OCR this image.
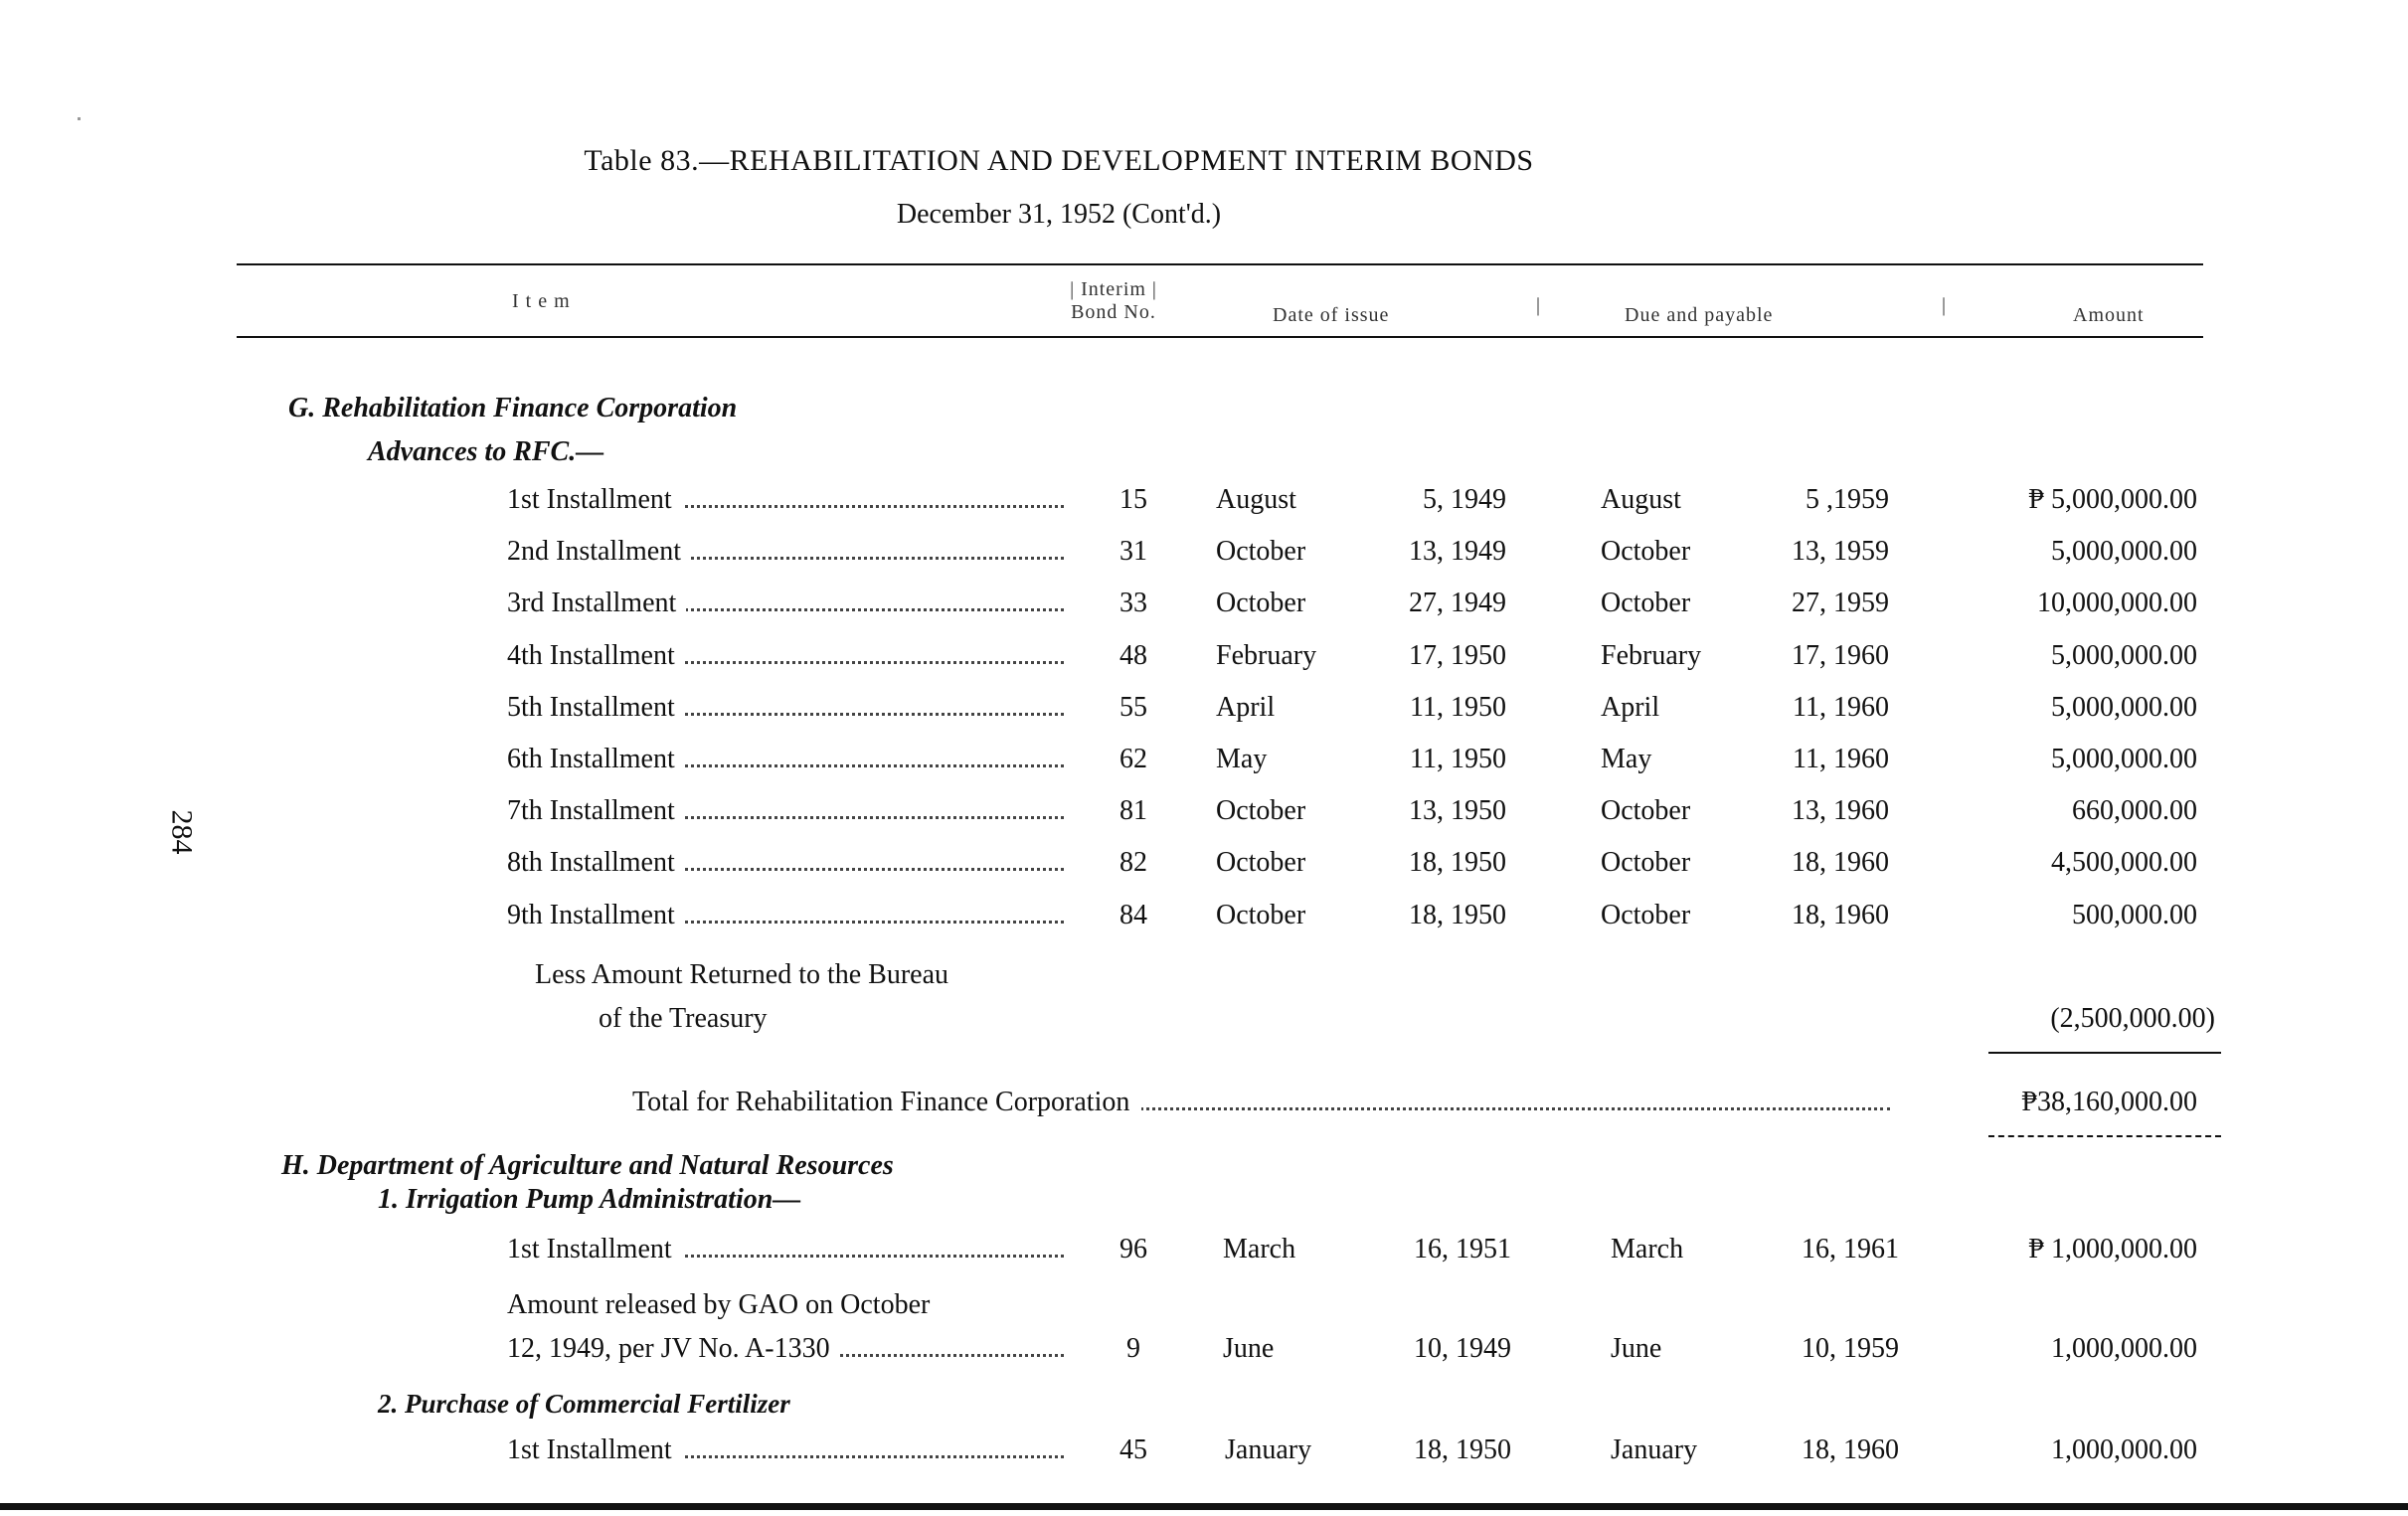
284
Table 83.—REHABILITATION AND DEVELOPMENT INTERIM BONDS
December 31, 1952 (Cont'd.)
I t e m
| Interim |
Bond No.	Date of issue	|	Due and payable	|	Amount
G. Rehabilitation Finance Corporation
Advances to RFC.—
1st Installment	15	August	5, 1949	August	5 ,1959	₱ 5,000,000.00
2nd Installment	31	October	13, 1949	October	13, 1959	5,000,000.00
3rd Installment	33	October	27, 1949	October	27, 1959	10,000,000.00
4th Installment	48	February	17, 1950	February	17, 1960	5,000,000.00
5th Installment	55	April	11, 1950	April	11, 1960	5,000,000.00
6th Installment	62	May	11, 1950	May	11, 1960	5,000,000.00
7th Installment	81	October	13, 1950	October	13, 1960	660,000.00
8th Installment	82	October	18, 1950	October	18, 1960	4,500,000.00
9th Installment	84	October	18, 1950	October	18, 1960	500,000.00
Less Amount Returned to the Bureau
of the Treasury	(2,500,000.00)
Total for Rehabilitation Finance Corporation	₱38,160,000.00
H. Department of Agriculture and Natural Resources
1. Irrigation Pump Administration—
1st Installment	96	March	16, 1951	March	16, 1961	₱ 1,000,000.00
Amount released by GAO on October
12, 1949, per JV No. A-1330	9	June	10, 1949	June	10, 1959	1,000,000.00
2. Purchase of Commercial Fertilizer
1st Installment	45	January	18, 1950	January	18, 1960	1,000,000.00
